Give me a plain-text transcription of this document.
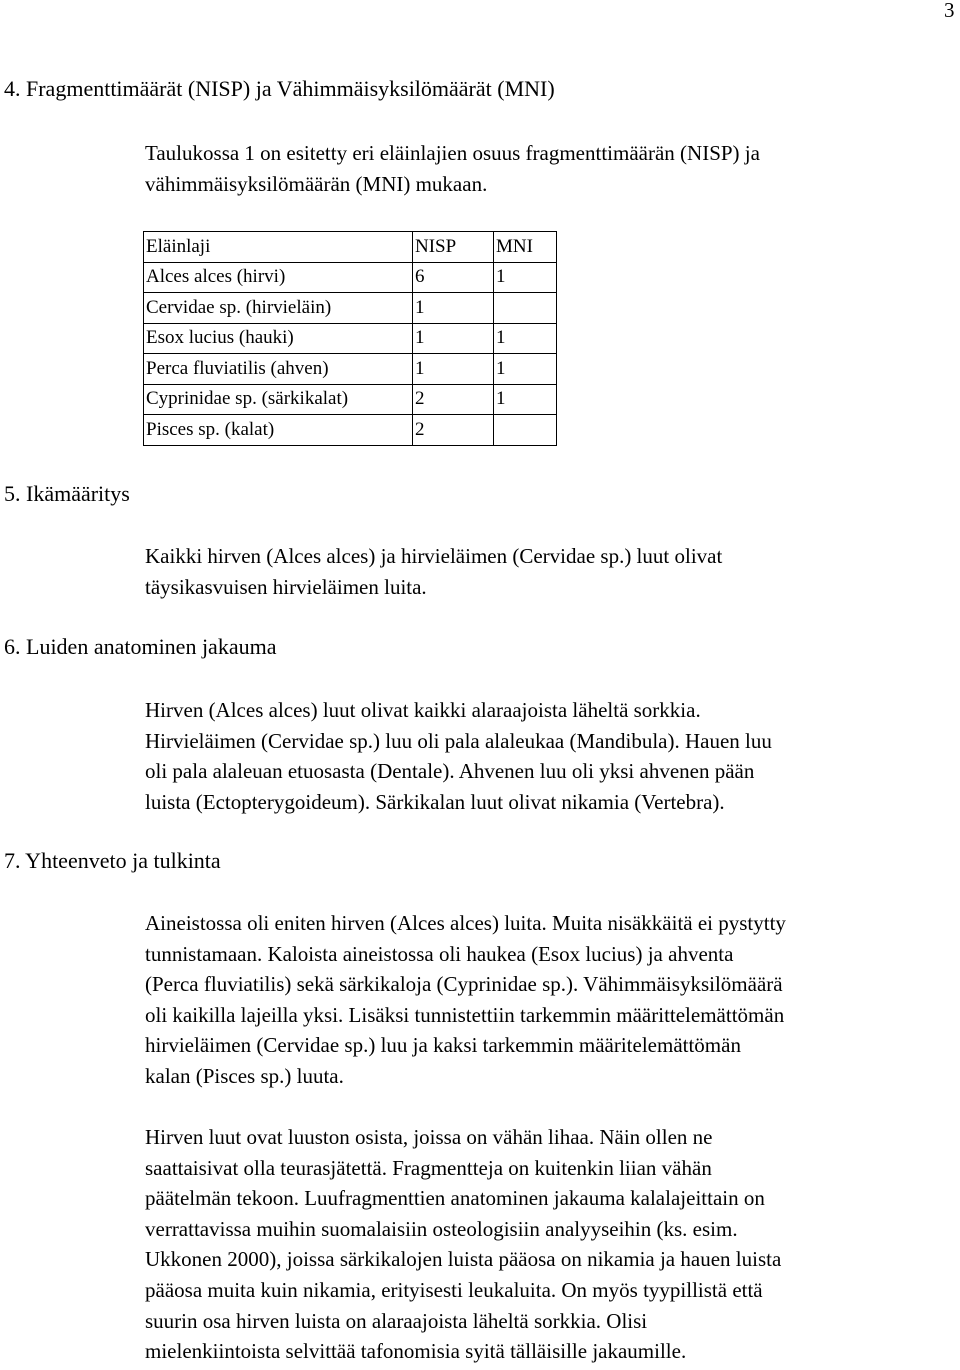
3
4. Fragmenttimäärät (NISP) ja Vähimmäisyksilömäärät (MNI)

Taulukossa 1 on esitetty eri eläinlajien osuus fragmenttimäärän (NISP) ja
vähimmäisyksilömäärän (MNI) mukaan.

Eläinlaji	NISP	MNI
Alces alces (hirvi)	6	1
Cervidae sp. (hirvieläin)	1	
Esox lucius (hauki)	1	1
Perca fluviatilis (ahven)	1	1
Cyprinidae sp. (särkikalat)	2	1
Pisces sp. (kalat)	2	
5. Ikämääritys

Kaikki hirven (Alces alces) ja hirvieläimen (Cervidae sp.) luut olivat
täysikasvuisen hirvieläimen luita.

6. Luiden anatominen jakauma

Hirven (Alces alces) luut olivat kaikki alaraajoista läheltä sorkkia.
Hirvieläimen (Cervidae sp.) luu oli pala alaleukaa (Mandibula). Hauen luu
oli pala alaleuan etuosasta (Dentale). Ahvenen luu oli yksi ahvenen pään
luista (Ectopterygoideum). Särkikalan luut olivat nikamia (Vertebra).

7. Yhteenveto ja tulkinta

Aineistossa oli eniten hirven (Alces alces) luita. Muita nisäkkäitä ei pystytty
tunnistamaan. Kaloista aineistossa oli haukea (Esox lucius) ja ahventa
(Perca fluviatilis) sekä särkikaloja (Cyprinidae sp.). Vähimmäisyksilömäärä
oli kaikilla lajeilla yksi. Lisäksi tunnistettiin tarkemmin määrittelemättömän
hirvieläimen (Cervidae sp.) luu ja kaksi tarkemmin määritelemättömän
kalan (Pisces sp.) luuta.

Hirven luut ovat luuston osista, joissa on vähän lihaa. Näin ollen ne
saattaisivat olla teurasjätettä. Fragmentteja on kuitenkin liian vähän
päätelmän tekoon. Luufragmenttien anatominen jakauma kalalajeittain on
verrattavissa muihin suomalaisiin osteologisiin analyyseihin (ks. esim.
Ukkonen 2000), joissa särkikalojen luista pääosa on nikamia ja hauen luista
pääosa muita kuin nikamia, erityisesti leukaluita. On myös tyypillistä että
suurin osa hirven luista on alaraajoista läheltä sorkkia. Olisi
mielenkiintoista selvittää tafonomisia syitä tälläisille jakaumille.
